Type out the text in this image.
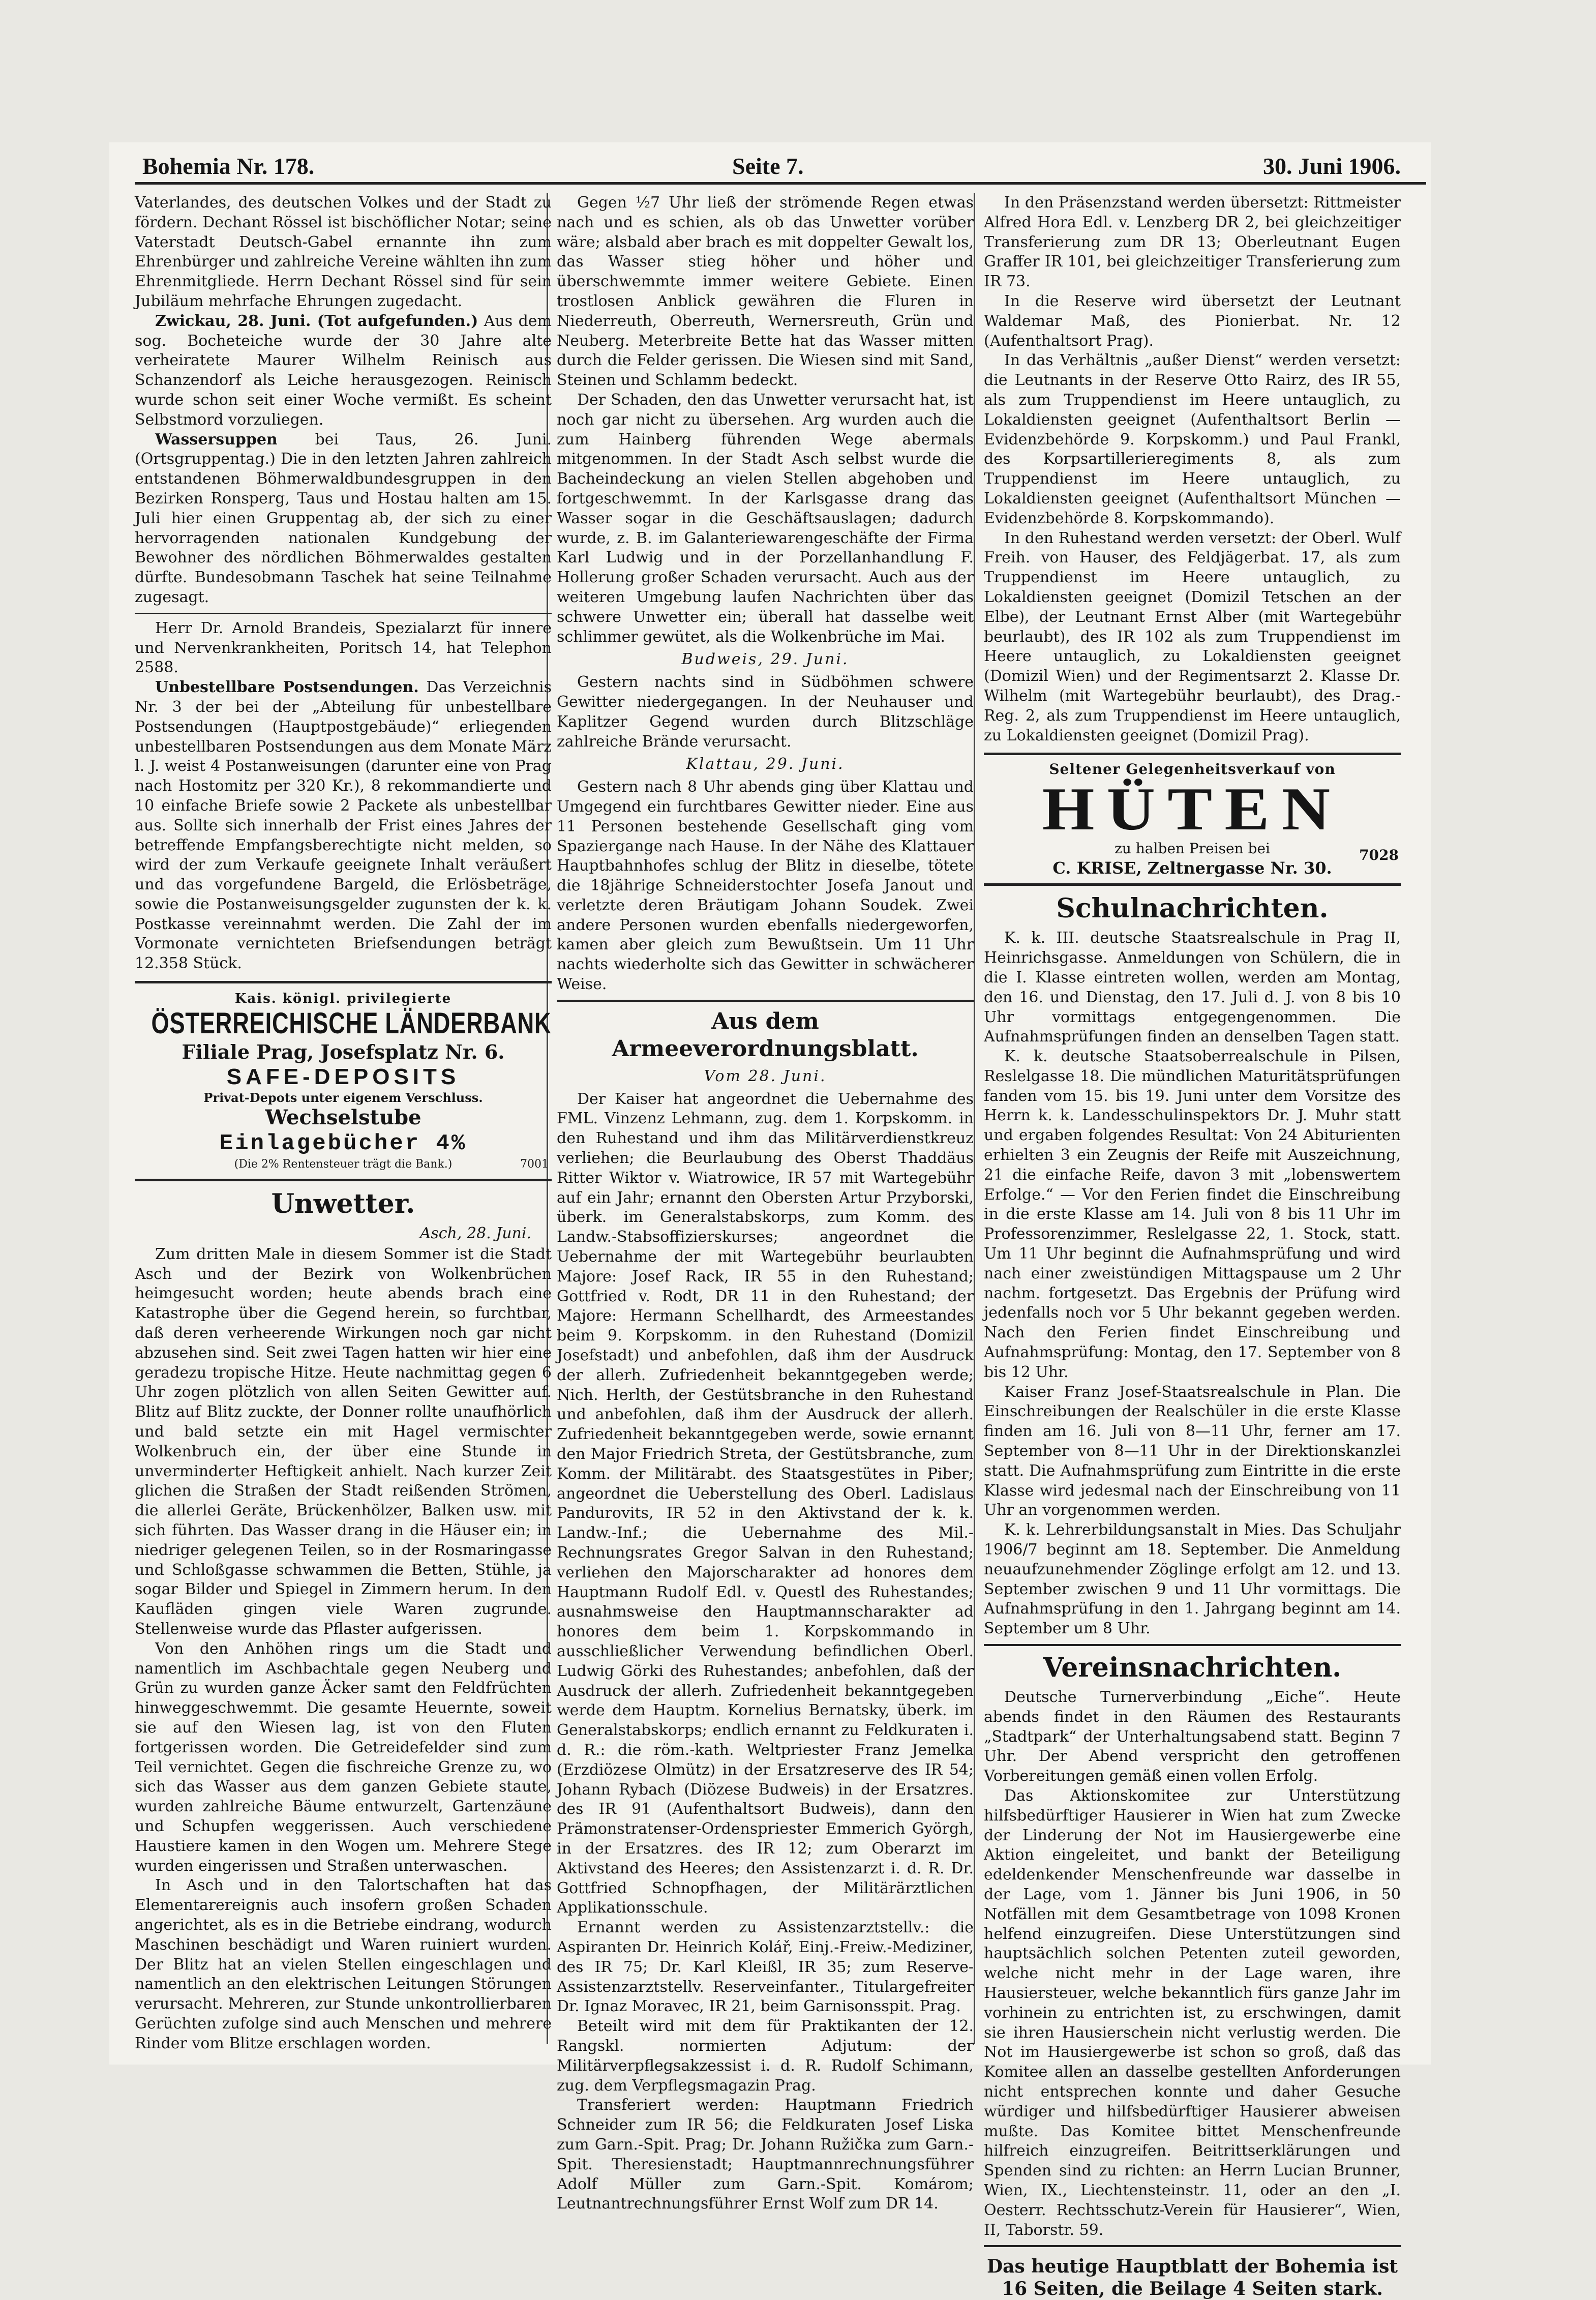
Bohemia Nr. 178.	Seite 7.	30. Juni 1906.

Vaterlandes, des deutschen Volkes und der Stadt zu fördern. Dechant Rössel ist bischöflicher Notar; seine Vaterstadt Deutsch-Gabel ernannte ihn zum Ehrenbürger und zahlreiche Vereine wählten ihn zum Ehrenmitgliede. Herrn Dechant Rössel sind für sein Jubiläum mehrfache Ehrungen zugedacht.

Zwickau, 28. Juni. (Tot aufgefunden.) Aus dem sog. Bocheteiche wurde der 30 Jahre alte verheiratete Maurer Wilhelm Reinisch aus Schanzendorf als Leiche herausgezogen. Reinisch wurde schon seit einer Woche vermißt. Es scheint Selbstmord vorzuliegen.

Wassersuppen bei Taus, 26. Juni. (Ortsgruppentag.) Die in den letzten Jahren zahlreich entstandenen Böhmerwaldbundesgruppen in den Bezirken Ronsperg, Taus und Hostau halten am 15. Juli hier einen Gruppentag ab, der sich zu einer hervorragenden nationalen Kundgebung der Bewohner des nördlichen Böhmerwaldes gestalten dürfte. Bundesobmann Taschek hat seine Teilnahme zugesagt.

Herr Dr. Arnold Brandeis, Spezialarzt für innere und Nervenkrankheiten, Poritsch 14, hat Telephon 2588.

Unbestellbare Postsendungen. Das Verzeichnis Nr. 3 der bei der „Abteilung für unbestellbare Postsendungen (Hauptpostgebäude)“ erliegenden unbestellbaren Postsendungen aus dem Monate März l. J. weist 4 Postanweisungen (darunter eine von Prag nach Hostomitz per 320 Kr.), 8 rekommandierte und 10 einfache Briefe sowie 2 Packete als unbestellbar aus. Sollte sich innerhalb der Frist eines Jahres der betreffende Empfangsberechtigte nicht melden, so wird der zum Verkaufe geeignete Inhalt veräußert und das vorgefundene Bargeld, die Erlösbeträge, sowie die Postanweisungsgelder zugunsten der k. k. Postkasse vereinnahmt werden. Die Zahl der im Vormonate vernichteten Briefsendungen beträgt 12.358 Stück.

Kais. königl. privilegierte
ÖSTERREICHISCHE LÄNDERBANK
Filiale Prag, Josefsplatz Nr. 6.
SAFE-DEPOSITS
Privat-Depots unter eigenem Verschluss.
Wechselstube
Einlagebücher 4%
(Die 2% Rentensteuer trägt die Bank.)	7001
Unwetter.
Asch, 28. Juni.

Zum dritten Male in diesem Sommer ist die Stadt Asch und der Bezirk von Wolkenbrüchen heimgesucht worden; heute abends brach eine Katastrophe über die Gegend herein, so furchtbar, daß deren verheerende Wirkungen noch gar nicht abzusehen sind. Seit zwei Tagen hatten wir hier eine geradezu tropische Hitze. Heute nachmittag gegen 6 Uhr zogen plötzlich von allen Seiten Gewitter auf. Blitz auf Blitz zuckte, der Donner rollte unaufhörlich und bald setzte ein mit Hagel vermischter Wolkenbruch ein, der über eine Stunde in unverminderter Heftigkeit anhielt. Nach kurzer Zeit glichen die Straßen der Stadt reißenden Strömen, die allerlei Geräte, Brückenhölzer, Balken usw. mit sich führten. Das Wasser drang in die Häuser ein; in niedriger gelegenen Teilen, so in der Rosmaringasse und Schloßgasse schwammen die Betten, Stühle, ja sogar Bilder und Spiegel in Zimmern herum. In den Kaufläden gingen viele Waren zugrunde. Stellenweise wurde das Pflaster aufgerissen.

Von den Anhöhen rings um die Stadt und namentlich im Aschbachtale gegen Neuberg und Grün zu wurden ganze Äcker samt den Feldfrüchten hinweggeschwemmt. Die gesamte Heuernte, soweit sie auf den Wiesen lag, ist von den Fluten fortgerissen worden. Die Getreidefelder sind zum Teil vernichtet. Gegen die fischreiche Grenze zu, wo sich das Wasser aus dem ganzen Gebiete staute, wurden zahlreiche Bäume entwurzelt, Gartenzäune und Schupfen weggerissen. Auch verschiedene Haustiere kamen in den Wogen um. Mehrere Stege wurden eingerissen und Straßen unterwaschen.

In Asch und in den Talortschaften hat das Elementarereignis auch insofern großen Schaden angerichtet, als es in die Betriebe eindrang, wodurch Maschinen beschädigt und Waren ruiniert wurden. Der Blitz hat an vielen Stellen eingeschlagen und namentlich an den elektrischen Leitungen Störungen verursacht. Mehreren, zur Stunde unkontrollierbaren Gerüchten zufolge sind auch Menschen und mehrere Rinder vom Blitze erschlagen worden.

Gegen ½7 Uhr ließ der strömende Regen etwas nach und es schien, als ob das Unwetter vorüber wäre; alsbald aber brach es mit doppelter Gewalt los, das Wasser stieg höher und höher und überschwemmte immer weitere Gebiete. Einen trostlosen Anblick gewähren die Fluren in Niederreuth, Oberreuth, Wernersreuth, Grün und Neuberg. Meterbreite Bette hat das Wasser mitten durch die Felder gerissen. Die Wiesen sind mit Sand, Steinen und Schlamm bedeckt.

Der Schaden, den das Unwetter verursacht hat, ist noch gar nicht zu übersehen. Arg wurden auch die zum Hainberg führenden Wege abermals mitgenommen. In der Stadt Asch selbst wurde die Bacheindeckung an vielen Stellen abgehoben und fortgeschwemmt. In der Karlsgasse drang das Wasser sogar in die Geschäftsauslagen; dadurch wurde, z. B. im Galanteriewarengeschäfte der Firma Karl Ludwig und in der Porzellanhandlung F. Hollerung großer Schaden verursacht. Auch aus der weiteren Umgebung laufen Nachrichten über das schwere Unwetter ein; überall hat dasselbe weit schlimmer gewütet, als die Wolkenbrüche im Mai.

Budweis, 29. Juni.

Gestern nachts sind in Südböhmen schwere Gewitter niedergegangen. In der Neuhauser und Kaplitzer Gegend wurden durch Blitzschläge zahlreiche Brände verursacht.

Klattau, 29. Juni.

Gestern nach 8 Uhr abends ging über Klattau und Umgegend ein furchtbares Gewitter nieder. Eine aus 11 Personen bestehende Gesellschaft ging vom Spaziergange nach Hause. In der Nähe des Klattauer Hauptbahnhofes schlug der Blitz in dieselbe, tötete die 18jährige Schneiderstochter Josefa Janout und verletzte deren Bräutigam Johann Soudek. Zwei andere Personen wurden ebenfalls niedergeworfen, kamen aber gleich zum Bewußtsein. Um 11 Uhr nachts wiederholte sich das Gewitter in schwächerer Weise.

Aus dem Armeeverordnungsblatt.
Vom 28. Juni.

Der Kaiser hat angeordnet die Uebernahme des FML. Vinzenz Lehmann, zug. dem 1. Korpskomm. in den Ruhestand und ihm das Militärverdienstkreuz verliehen; die Beurlaubung des Oberst Thaddäus Ritter Wiktor v. Wiatrowice, IR 57 mit Wartegebühr auf ein Jahr; ernannt den Obersten Artur Przyborski, überk. im Generalstabskorps, zum Komm. des Landw.-Stabsoffizierskurses; angeordnet die Uebernahme der mit Wartegebühr beurlaubten Majore: Josef Rack, IR 55 in den Ruhestand; Gottfried v. Rodt, DR 11 in den Ruhestand; der Majore: Hermann Schellhardt, des Armeestandes beim 9. Korpskomm. in den Ruhestand (Domizil Josefstadt) und anbefohlen, daß ihm der Ausdruck der allerh. Zufriedenheit bekanntgegeben werde; Nich. Herlth, der Gestütsbranche in den Ruhestand und anbefohlen, daß ihm der Ausdruck der allerh. Zufriedenheit bekanntgegeben werde, sowie ernannt den Major Friedrich Streta, der Gestütsbranche, zum Komm. der Militärabt. des Staatsgestütes in Piber; angeordnet die Ueberstellung des Oberl. Ladislaus Pandurovits, IR 52 in den Aktivstand der k. k. Landw.-Inf.; die Uebernahme des Mil.-Rechnungsrates Gregor Salvan in den Ruhestand; verliehen den Majorscharakter ad honores dem Hauptmann Rudolf Edl. v. Questl des Ruhestandes; ausnahmsweise den Hauptmannscharakter ad honores dem beim 1. Korpskommando in ausschließlicher Verwendung befindlichen Oberl. Ludwig Görki des Ruhestandes; anbefohlen, daß der Ausdruck der allerh. Zufriedenheit bekanntgegeben werde dem Hauptm. Kornelius Bernatsky, überk. im Generalstabskorps; endlich ernannt zu Feldkuraten i. d. R.: die röm.-kath. Weltpriester Franz Jemelka (Erzdiözese Olmütz) in der Ersatzreserve des IR 54; Johann Rybach (Diözese Budweis) in der Ersatzres. des IR 91 (Aufenthaltsort Budweis), dann den Prämonstratenser-Ordenspriester Emmerich Györgh, in der Ersatzres. des IR 12; zum Oberarzt im Aktivstand des Heeres; den Assistenzarzt i. d. R. Dr. Gottfried Schnopfhagen, der Militärärztlichen Applikationsschule.

Ernannt werden zu Assistenzarztstellv.: die Aspiranten Dr. Heinrich Kolář, Einj.-Freiw.-Mediziner, des IR 75; Dr. Karl Kleißl, IR 35; zum Reserve-Assistenzarztstellv. Reserveinfanter., Titulargefreiter Dr. Ignaz Moravec, IR 21, beim Garnisonsspit. Prag.

Beteilt wird mit dem für Praktikanten der 12. Rangskl. normierten Adjutum: der Militärverpflegsakzessist i. d. R. Rudolf Schimann, zug. dem Verpflegsmagazin Prag.

Transferiert werden: Hauptmann Friedrich Schneider zum IR 56; die Feldkuraten Josef Liska zum Garn.-Spit. Prag; Dr. Johann Ružička zum Garn.-Spit. Theresienstadt; Hauptmannrechnungsführer Adolf Müller zum Garn.-Spit. Komárom; Leutnantrechnungsführer Ernst Wolf zum DR 14.

In den Präsenzstand werden übersetzt: Rittmeister Alfred Hora Edl. v. Lenzberg DR 2, bei gleichzeitiger Transferierung zum DR 13; Oberleutnant Eugen Graffer IR 101, bei gleichzeitiger Transferierung zum IR 73.

In die Reserve wird übersetzt der Leutnant Waldemar Maß, des Pionierbat. Nr. 12 (Aufenthaltsort Prag).

In das Verhältnis „außer Dienst“ werden versetzt: die Leutnants in der Reserve Otto Rairz, des IR 55, als zum Truppendienst im Heere untauglich, zu Lokaldiensten geeignet (Aufenthaltsort Berlin — Evidenzbehörde 9. Korpskomm.) und Paul Frankl, des Korpsartillerieregiments 8, als zum Truppendienst im Heere untauglich, zu Lokaldiensten geeignet (Aufenthaltsort München — Evidenzbehörde 8. Korpskommando).

In den Ruhestand werden versetzt: der Oberl. Wulf Freih. von Hauser, des Feldjägerbat. 17, als zum Truppendienst im Heere untauglich, zu Lokaldiensten geeignet (Domizil Tetschen an der Elbe), der Leutnant Ernst Alber (mit Wartegebühr beurlaubt), des IR 102 als zum Truppendienst im Heere untauglich, zu Lokaldiensten geeignet (Domizil Wien) und der Regimentsarzt 2. Klasse Dr. Wilhelm (mit Wartegebühr beurlaubt), des Drag.-Reg. 2, als zum Truppendienst im Heere untauglich, zu Lokaldiensten geeignet (Domizil Prag).

Seltener Gelegenheitsverkauf von
HÜTEN
zu halben Preisen bei
C. KRISE, Zeltnergasse Nr. 30.
7028
Schulnachrichten.

K. k. III. deutsche Staatsrealschule in Prag II, Heinrichsgasse. Anmeldungen von Schülern, die in die I. Klasse eintreten wollen, werden am Montag, den 16. und Dienstag, den 17. Juli d. J. von 8 bis 10 Uhr vormittags entgegengenommen. Die Aufnahmsprüfungen finden an denselben Tagen statt.

K. k. deutsche Staatsoberrealschule in Pilsen, Reslelgasse 18. Die mündlichen Maturitätsprüfungen fanden vom 15. bis 19. Juni unter dem Vorsitze des Herrn k. k. Landesschulinspektors Dr. J. Muhr statt und ergaben folgendes Resultat: Von 24 Abiturienten erhielten 3 ein Zeugnis der Reife mit Auszeichnung, 21 die einfache Reife, davon 3 mit „lobenswertem Erfolge.“ — Vor den Ferien findet die Einschreibung in die erste Klasse am 14. Juli von 8 bis 11 Uhr im Professorenzimmer, Reslelgasse 22, 1. Stock, statt. Um 11 Uhr beginnt die Aufnahmsprüfung und wird nach einer zweistündigen Mittagspause um 2 Uhr nachm. fortgesetzt. Das Ergebnis der Prüfung wird jedenfalls noch vor 5 Uhr bekannt gegeben werden. Nach den Ferien findet Einschreibung und Aufnahmsprüfung: Montag, den 17. September von 8 bis 12 Uhr.

Kaiser Franz Josef-Staatsrealschule in Plan. Die Einschreibungen der Realschüler in die erste Klasse finden am 16. Juli von 8—11 Uhr, ferner am 17. September von 8—11 Uhr in der Direktionskanzlei statt. Die Aufnahmsprüfung zum Eintritte in die erste Klasse wird jedesmal nach der Einschreibung von 11 Uhr an vorgenommen werden.

K. k. Lehrerbildungsanstalt in Mies. Das Schuljahr 1906/7 beginnt am 18. September. Die Anmeldung neuaufzunehmender Zöglinge erfolgt am 12. und 13. September zwischen 9 und 11 Uhr vormittags. Die Aufnahmsprüfung in den 1. Jahrgang beginnt am 14. September um 8 Uhr.

Vereinsnachrichten.

Deutsche Turnerverbindung „Eiche“. Heute abends findet in den Räumen des Restaurants „Stadtpark“ der Unterhaltungsabend statt. Beginn 7 Uhr. Der Abend verspricht den getroffenen Vorbereitungen gemäß einen vollen Erfolg.

Das Aktionskomitee zur Unterstützung hilfsbedürftiger Hausierer in Wien hat zum Zwecke der Linderung der Not im Hausiergewerbe eine Aktion eingeleitet, und bankt der Beteiligung edeldenkender Menschenfreunde war dasselbe in der Lage, vom 1. Jänner bis Juni 1906, in 50 Notfällen mit dem Gesamtbetrage von 1098 Kronen helfend einzugreifen. Diese Unterstützungen sind hauptsächlich solchen Petenten zuteil geworden, welche nicht mehr in der Lage waren, ihre Hausiersteuer, welche bekanntlich fürs ganze Jahr im vorhinein zu entrichten ist, zu erschwingen, damit sie ihren Hausierschein nicht verlustig werden. Die Not im Hausiergewerbe ist schon so groß, daß das Komitee allen an dasselbe gestellten Anforderungen nicht entsprechen konnte und daher Gesuche würdiger und hilfsbedürftiger Hausierer abweisen mußte. Das Komitee bittet Menschenfreunde hilfreich einzugreifen. Beitrittserklärungen und Spenden sind zu richten: an Herrn Lucian Brunner, Wien, IX., Liechtensteinstr. 11, oder an den „I. Oesterr. Rechtsschutz-Verein für Hausierer“, Wien, II, Taborstr. 59.

Das heutige Hauptblatt der Bohemia ist 16 Seiten, die Beilage 4 Seiten stark.
